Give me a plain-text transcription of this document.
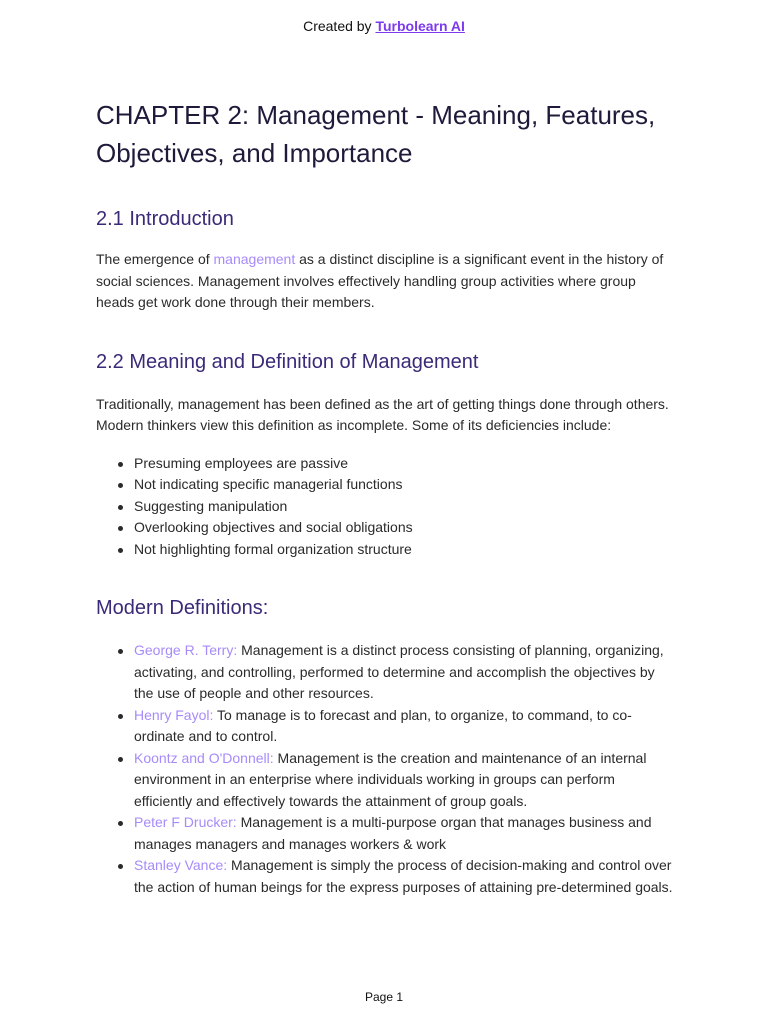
Created by Turbolearn AI
CHAPTER 2: Management - Meaning, Features, Objectives, and Importance
2.1 Introduction

The emergence of management as a distinct discipline is a significant event in the history of social sciences. Management involves effectively handling group activities where group heads get work done through their members.

2.2 Meaning and Definition of Management

Traditionally, management has been defined as the art of getting things done through others. Modern thinkers view this definition as incomplete. Some of its deficiencies include:

Presuming employees are passive
Not indicating specific managerial functions
Suggesting manipulation
Overlooking objectives and social obligations
Not highlighting formal organization structure
Modern Definitions:
George R. Terry: Management is a distinct process consisting of planning, organizing, activating, and controlling, performed to determine and accomplish the objectives by the use of people and other resources.
Henry Fayol: To manage is to forecast and plan, to organize, to command, to co-ordinate and to control.
Koontz and O'Donnell: Management is the creation and maintenance of an internal environment in an enterprise where individuals working in groups can perform efficiently and effectively towards the attainment of group goals.
Peter F Drucker: Management is a multi-purpose organ that manages business and manages managers and manages workers & work
Stanley Vance: Management is simply the process of decision-making and control over the action of human beings for the express purposes of attaining pre-determined goals.
Page 1
